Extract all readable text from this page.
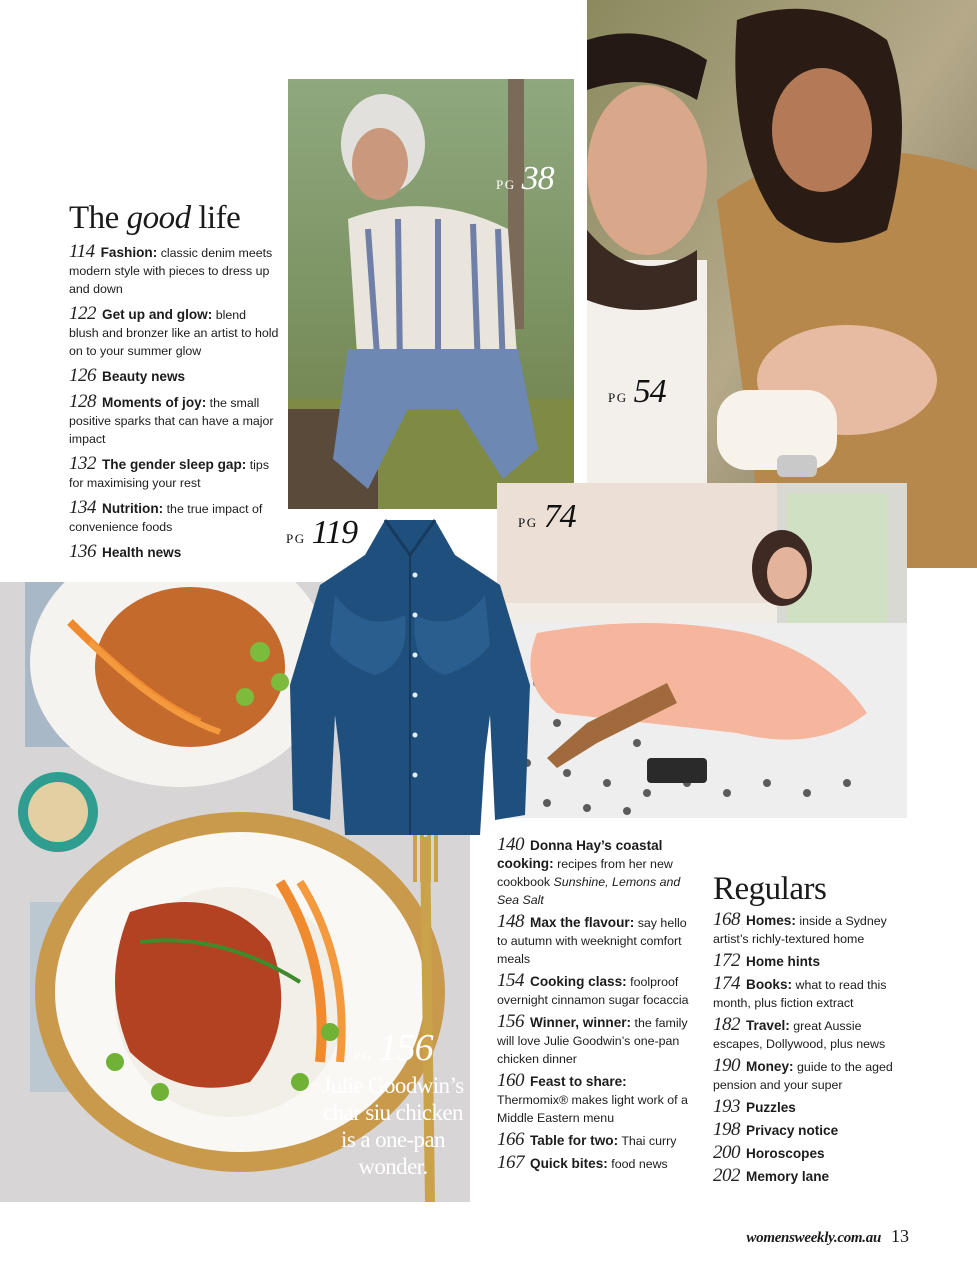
PG 38
PG 54
PG 74
PG 119
PG 156

Julie Goodwin’s char siu chicken is a one-pan wonder.

The good life
114 Fashion: classic denim meets modern style with pieces to dress up and down
122 Get up and glow: blend blush and bronzer like an artist to hold on to your summer glow
126 Beauty news
128 Moments of joy: the small positive sparks that can have a major impact
132 The gender sleep gap: tips for maximising your rest
134 Nutrition: the true impact of convenience foods
136 Health news
140 Donna Hay’s coastal cooking: recipes from her new cookbook Sunshine, Lemons and Sea Salt
148 Max the flavour: say hello to autumn with weeknight comfort meals
154 Cooking class: foolproof overnight cinnamon sugar focaccia
156 Winner, winner: the family will love Julie Goodwin’s one-pan chicken dinner
160 Feast to share: Thermomix® makes light work of a Middle Eastern menu
166 Table for two: Thai curry
167 Quick bites: food news
Regulars
168 Homes: inside a Sydney artist’s richly-textured home
172 Home hints
174 Books: what to read this month, plus fiction extract
182 Travel: great Aussie escapes, Dollywood, plus news
190 Money: guide to the aged pension and your super
193 Puzzles
198 Privacy notice
200 Horoscopes
202 Memory lane
womensweekly.com.au 13
